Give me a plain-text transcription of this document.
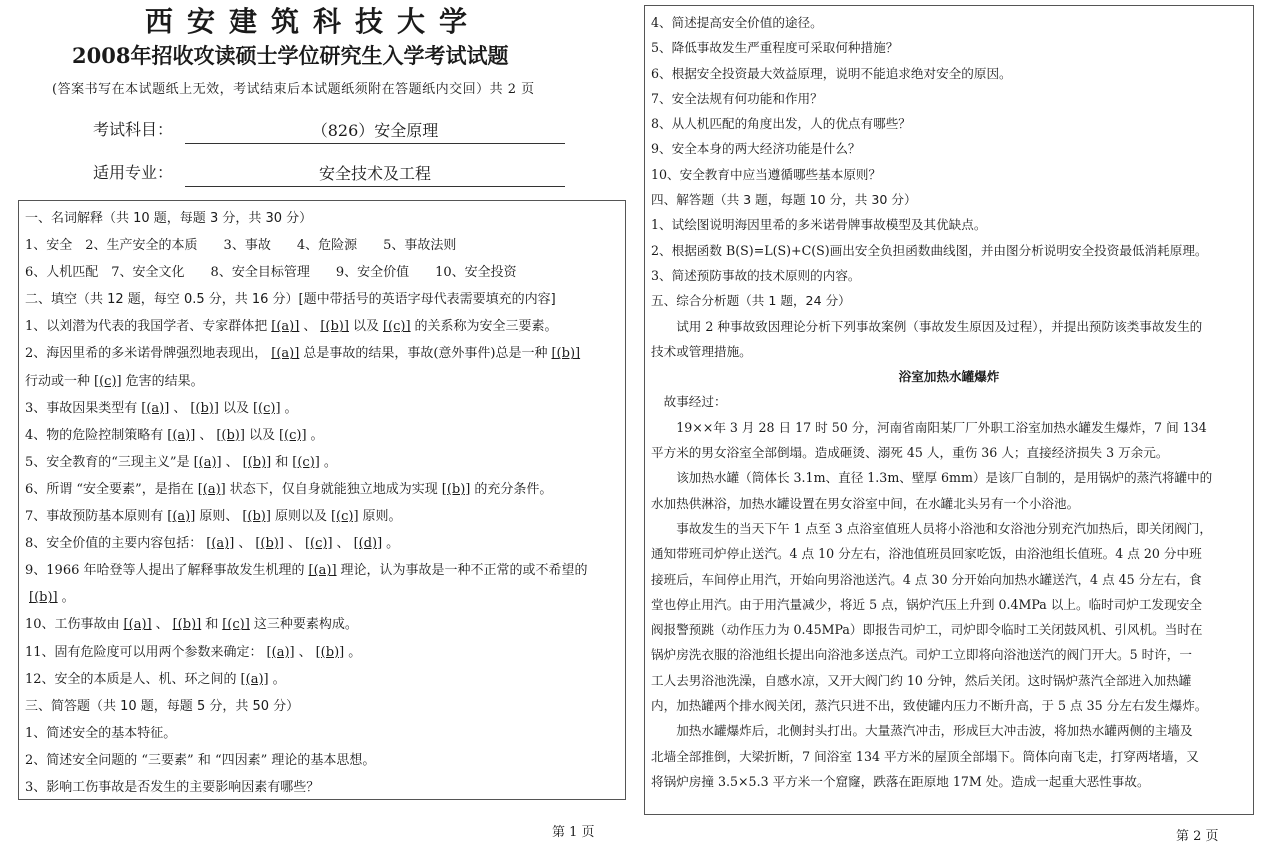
西安建筑科技大学
2008年招收攻读硕士学位研究生入学考试试题
(答案书写在本试题纸上无效，考试结束后本试题纸须附在答题纸内交回）共 2 页
考试科目：	（826）安全原理
适用专业：	安全技术及工程
一、名词解释（共 10 题，每题 3 分，共 30 分）
1、安全　2、生产安全的本质　　3、事故　　4、危险源　　5、事故法则
6、人机匹配　7、安全文化　　8、安全目标管理　　9、安全价值　　10、安全投资
二、填空（共 12 题，每空 0.5 分，共 16 分）[题中带括号的英语字母代表需要填充的内容]
1、以刘潜为代表的我国学者、专家群体把 [(a)] 、 [(b)] 以及 [(c)] 的关系称为安全三要素。
2、海因里希的多米诺骨牌强烈地表现出， [(a)] 总是事故的结果，事故(意外事件)总是一种 [(b)]
行动或一种 [(c)] 危害的结果。
3、事故因果类型有 [(a)] 、 [(b)] 以及 [(c)] 。
4、物的危险控制策略有 [(a)] 、 [(b)] 以及 [(c)] 。
5、安全教育的“三现主义”是 [(a)] 、 [(b)] 和 [(c)] 。
6、所谓 “安全要素”，是指在 [(a)] 状态下，仅自身就能独立地成为实现 [(b)] 的充分条件。
7、事故预防基本原则有 [(a)] 原则、 [(b)] 原则以及 [(c)] 原则。
8、安全价值的主要内容包括： [(a)] 、 [(b)] 、 [(c)] 、 [(d)] 。
9、1966 年哈登等人提出了解释事故发生机理的 [(a)] 理论，认为事故是一种不正常的或不希望的
[(b)] 。
10、工伤事故由 [(a)] 、 [(b)] 和 [(c)] 这三种要素构成。
11、固有危险度可以用两个参数来确定： [(a)] 、 [(b)] 。
12、安全的本质是人、机、环之间的 [(a)] 。
三、简答题（共 10 题，每题 5 分，共 50 分）
1、简述安全的基本特征。
2、简述安全问题的 “三要素” 和 “四因素” 理论的基本思想。
3、影响工伤事故是否发生的主要影响因素有哪些？
第 1 页
4、简述提高安全价值的途径。
5、降低事故发生严重程度可采取何种措施？
6、根据安全投资最大效益原理，说明不能追求绝对安全的原因。
7、安全法规有何功能和作用？
8、从人机匹配的角度出发，人的优点有哪些？
9、安全本身的两大经济功能是什么？
10、安全教育中应当遵循哪些基本原则？
四、解答题（共 3 题，每题 10 分，共 30 分）
1、试绘图说明海因里希的多米诺骨牌事故模型及其优缺点。
2、根据函数 B(S)=L(S)+C(S)画出安全负担函数曲线图，并由图分析说明安全投资最低消耗原理。
3、简述预防事故的技术原则的内容。
五、综合分析题（共 1 题，24 分）
　　试用 2 种事故致因理论分析下列事故案例（事故发生原因及过程），并提出预防该类事故发生的
技术或管理措施。
浴室加热水罐爆炸
　故事经过：
　　19××年 3 月 28 日 17 时 50 分，河南省南阳某厂厂外职工浴室加热水罐发生爆炸，7 间 134
平方米的男女浴室全部倒塌。造成砸烫、溺死 45 人，重伤 36 人；直接经济损失 3 万余元。
　　该加热水罐（筒体长 3.1m、直径 1.3m、壁厚 6mm）是该厂自制的，是用锅炉的蒸汽将罐中的
水加热供淋浴，加热水罐设置在男女浴室中间，在水罐北头另有一个小浴池。
　　事故发生的当天下午 1 点至 3 点浴室值班人员将小浴池和女浴池分别充汽加热后，即关闭阀门，
通知带班司炉停止送汽。4 点 10 分左右，浴池值班员回家吃饭，由浴池组长值班。4 点 20 分中班
接班后，车间停止用汽，开始向男浴池送汽。4 点 30 分开始向加热水罐送汽，4 点 45 分左右，食
堂也停止用汽。由于用汽量减少，将近 5 点，锅炉汽压上升到 0.4MPa 以上。临时司炉工发现安全
阀报警预跳（动作压力为 0.45MPa）即报告司炉工，司炉即令临时工关闭鼓风机、引风机。当时在
锅炉房洗衣服的浴池组长提出向浴池多送点汽。司炉工立即将向浴池送汽的阀门开大。5 时许，一
工人去男浴池洗澡，自感水凉，又开大阀门约 10 分钟，然后关闭。这时锅炉蒸汽全部进入加热罐
内，加热罐两个排水阀关闭，蒸汽只进不出，致使罐内压力不断升高，于 5 点 35 分左右发生爆炸。
　　加热水罐爆炸后，北侧封头打出。大量蒸汽冲击，形成巨大冲击波，将加热水罐两侧的主墙及
北墙全部推倒，大梁折断，7 间浴室 134 平方米的屋顶全部塌下。筒体向南飞走，打穿两堵墙，又
将锅炉房撞 3.5×5.3 平方米一个窟窿，跌落在距原地 17M 处。造成一起重大恶性事故。
第 2 页
